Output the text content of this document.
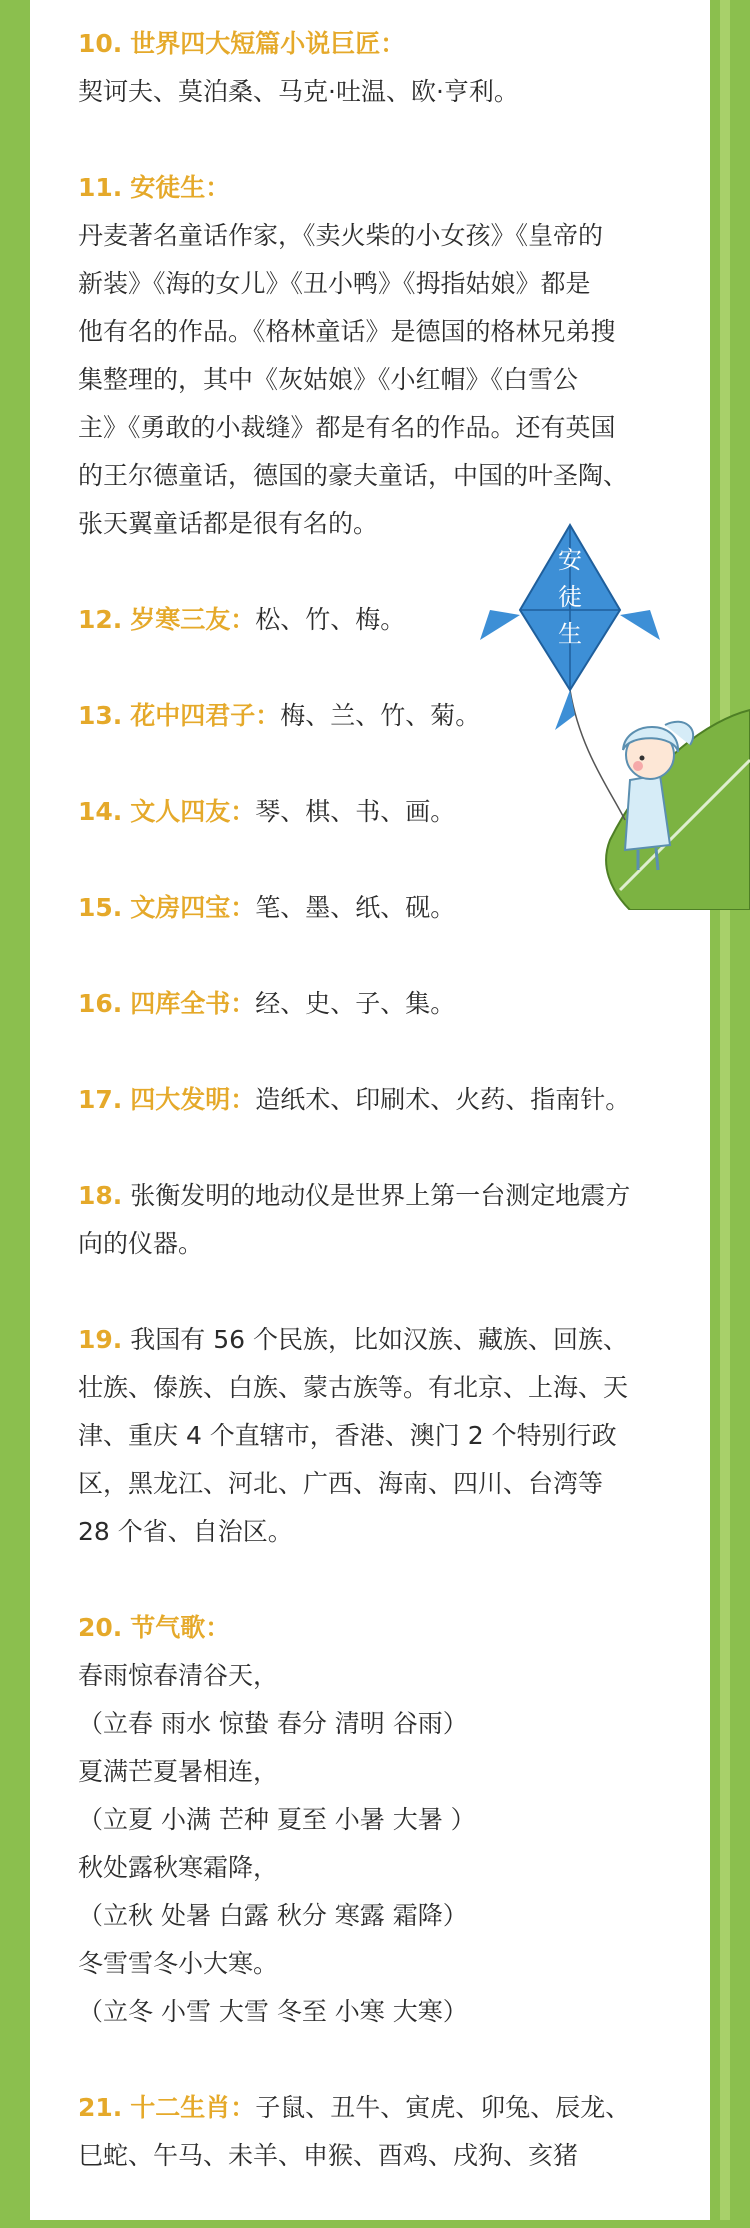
10. 世界四大短篇小说巨匠：
契诃夫、莫泊桑、马克·吐温、欧·亨利。
11. 安徒生：
丹麦著名童话作家，《卖火柴的小女孩》《皇帝的
新装》《海的女儿》《丑小鸭》《拇指姑娘》都是
他有名的作品。《格林童话》是德国的格林兄弟搜
集整理的，其中《灰姑娘》《小红帽》《白雪公
主》《勇敢的小裁缝》都是有名的作品。还有英国
的王尔德童话，德国的豪夫童话，中国的叶圣陶、
张天翼童话都是很有名的。
12. 岁寒三友：松、竹、梅。
13. 花中四君子：梅、兰、竹、菊。
14. 文人四友：琴、棋、书、画。
15. 文房四宝：笔、墨、纸、砚。
16. 四库全书：经、史、子、集。
17. 四大发明：造纸术、印刷术、火药、指南针。
18. 张衡发明的地动仪是世界上第一台测定地震方
向的仪器。
19. 我国有 56 个民族，比如汉族、藏族、回族、
壮族、傣族、白族、蒙古族等。有北京、上海、天
津、重庆 4 个直辖市，香港、澳门 2 个特别行政
区，黑龙江、河北、广西、海南、四川、台湾等
28 个省、自治区。
20. 节气歌：
春雨惊春清谷天，
（立春 雨水 惊蛰 春分 清明 谷雨）
夏满芒夏暑相连，
（立夏 小满 芒种 夏至 小暑 大暑 ）
秋处露秋寒霜降，
（立秋 处暑 白露 秋分 寒露 霜降）
冬雪雪冬小大寒。
（立冬 小雪 大雪 冬至 小寒 大寒）
21. 十二生肖：子鼠、丑牛、寅虎、卯兔、辰龙、
巳蛇、午马、未羊、申猴、酉鸡、戌狗、亥猪
安
徒
生
